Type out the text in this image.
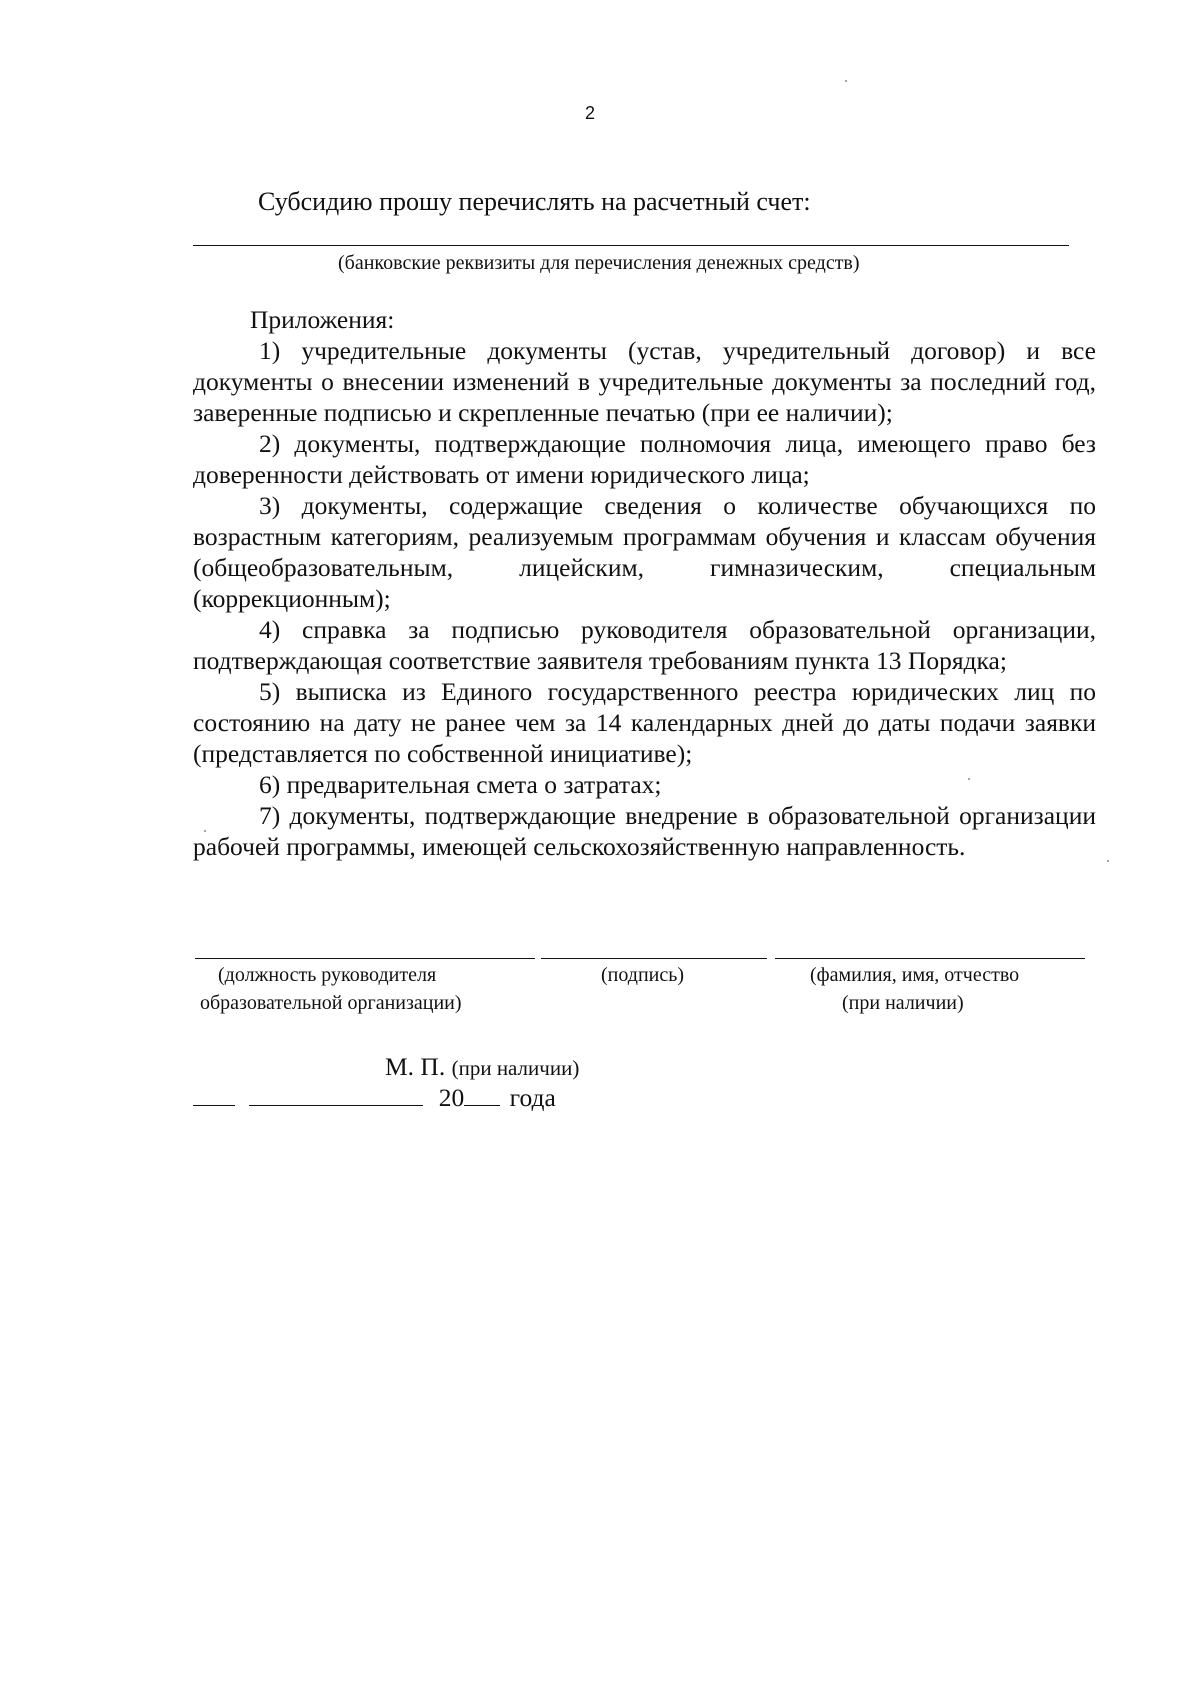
2
Субсидию прошу перечислять на расчетный счет:
(банковские реквизиты для перечисления денежных средств)

Приложения:

1) учредительные документы (устав, учредительный договор) и все документы о внесении изменений в учредительные документы за последний год, заверенные подписью и скрепленные печатью (при ее наличии);

2) документы, подтверждающие полномочия лица, имеющего право без доверенности действовать от имени юридического лица;

3) документы, содержащие сведения о количестве обучающихся по возрастным категориям, реализуемым программам обучения и классам обучения (общеобразовательным, лицейским, гимназическим, специальным (коррекционным);

4) справка за подписью руководителя образовательной организации, подтверждающая соответствие заявителя требованиям пункта 13 Порядка;

5) выписка из Единого государственного реестра юридических лиц по состоянию на дату не ранее чем за 14 календарных дней до даты подачи заявки (представляется по собственной инициативе);

6) предварительная смета о затратах;

7) документы, подтверждающие внедрение в образовательной организации рабочей программы, имеющей сельскохозяйственную направленность.

(должность руководителя
образовательной организации)
(подпись)	(фамилия, имя, отчество
(при наличии)
М. П. (при наличии)
20 года
